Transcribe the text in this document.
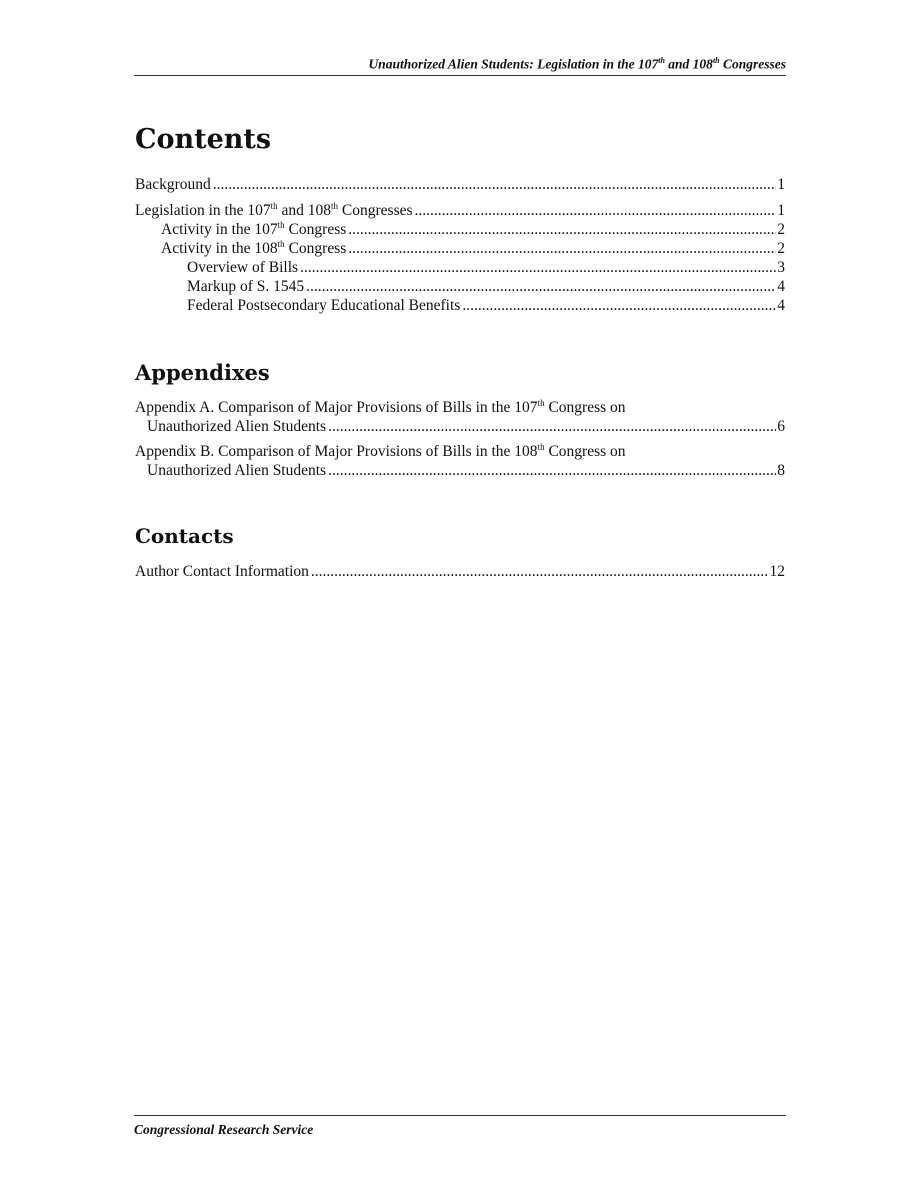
Unauthorized Alien Students: Legislation in the 107th and 108th Congresses
Contents
Background .....	1
Legislation in the 107th and 108th Congresses .....	1
Activity in the 107th Congress .....	2
Activity in the 108th Congress .....	2
Overview of Bills .....	3
Markup of S. 1545 .....	4
Federal Postsecondary Educational Benefits .....	4
Appendixes
Appendix A. Comparison of Major Provisions of Bills in the 107th Congress on
Unauthorized Alien Students .....	6
Appendix B. Comparison of Major Provisions of Bills in the 108th Congress on
Unauthorized Alien Students .....	8
Contacts
Author Contact Information .....	12
Congressional Research Service
